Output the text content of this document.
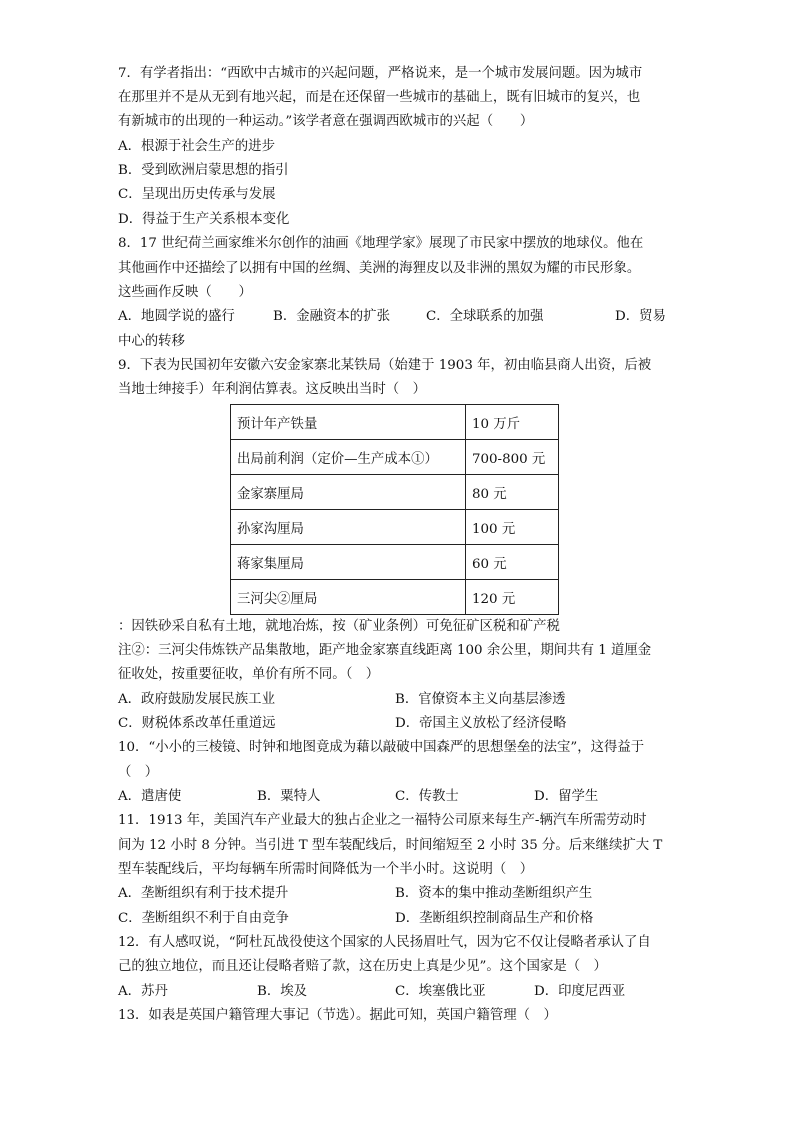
7．有学者指出：“西欧中古城市的兴起问题，严格说来，是一个城市发展问题。因为城市
在那里并不是从无到有地兴起，而是在还保留一些城市的基础上，既有旧城市的复兴，也
有新城市的出现的一种运动。”该学者意在强调西欧城市的兴起（　　）
A．根源于社会生产的进步
B．受到欧洲启蒙思想的指引
C．呈现出历史传承与发展
D．得益于生产关系根本变化
8．17 世纪荷兰画家维米尔创作的油画《地理学家》展现了市民家中摆放的地球仪。他在
其他画作中还描绘了以拥有中国的丝绸、美洲的海狸皮以及非洲的黑奴为耀的市民形象。
这些画作反映（　　）
A．地圆学说的盛行	B．金融资本的扩张	C．全球联系的加强	D．贸易
中心的转移
9．下表为民国初年安徽六安金家寨北某铁局（始建于 1903 年，初由临县商人出资，后被
当地士绅接手）年利润估算表。这反映出当时（　）
预计年产铁量	10 万斤
出局前利润（定价—生产成本①）	700-800 元
金家寨厘局	80 元
孙家沟厘局	100 元
蒋家集厘局	60 元
三河尖②厘局	120 元
：因铁砂采自私有土地，就地冶炼，按（矿业条例）可免征矿区税和矿产税
注②：三河尖伟炼铁产品集散地，距产地金家寨直线距离 100 余公里，期间共有 1 道厘金
征收处，按重要征收，单价有所不同。（　）
A．政府鼓励发展民族工业	B．官僚资本主义向基层渗透
C．财税体系改革任重道远	D．帝国主义放松了经济侵略
10．“小小的三棱镜、时钟和地图竟成为藉以敲破中国森严的思想堡垒的法宝”，这得益于
（　）
A．遣唐使	B．粟特人	C．传教士	D．留学生
11．1913 年，美国汽车产业最大的独占企业之一福特公司原来每生产-辆汽车所需劳动时
间为 12 小时 8 分钟。当引进 T 型车装配线后，时间缩短至 2 小时 35 分。后来继续扩大 T
型车装配线后，平均每辆车所需时间降低为一个半小时。这说明（　）
A．垄断组织有利于技术提升	B．资本的集中推动垄断组织产生
C．垄断组织不利于自由竞争	D．垄断组织控制商品生产和价格
12．有人感叹说，“阿杜瓦战役使这个国家的人民扬眉吐气，因为它不仅让侵略者承认了自
己的独立地位，而且还让侵略者赔了款，这在历史上真是少见”。这个国家是（　）
A．苏丹	B．埃及	C．埃塞俄比亚	D．印度尼西亚
13．如表是英国户籍管理大事记（节选）。据此可知，英国户籍管理（　）
